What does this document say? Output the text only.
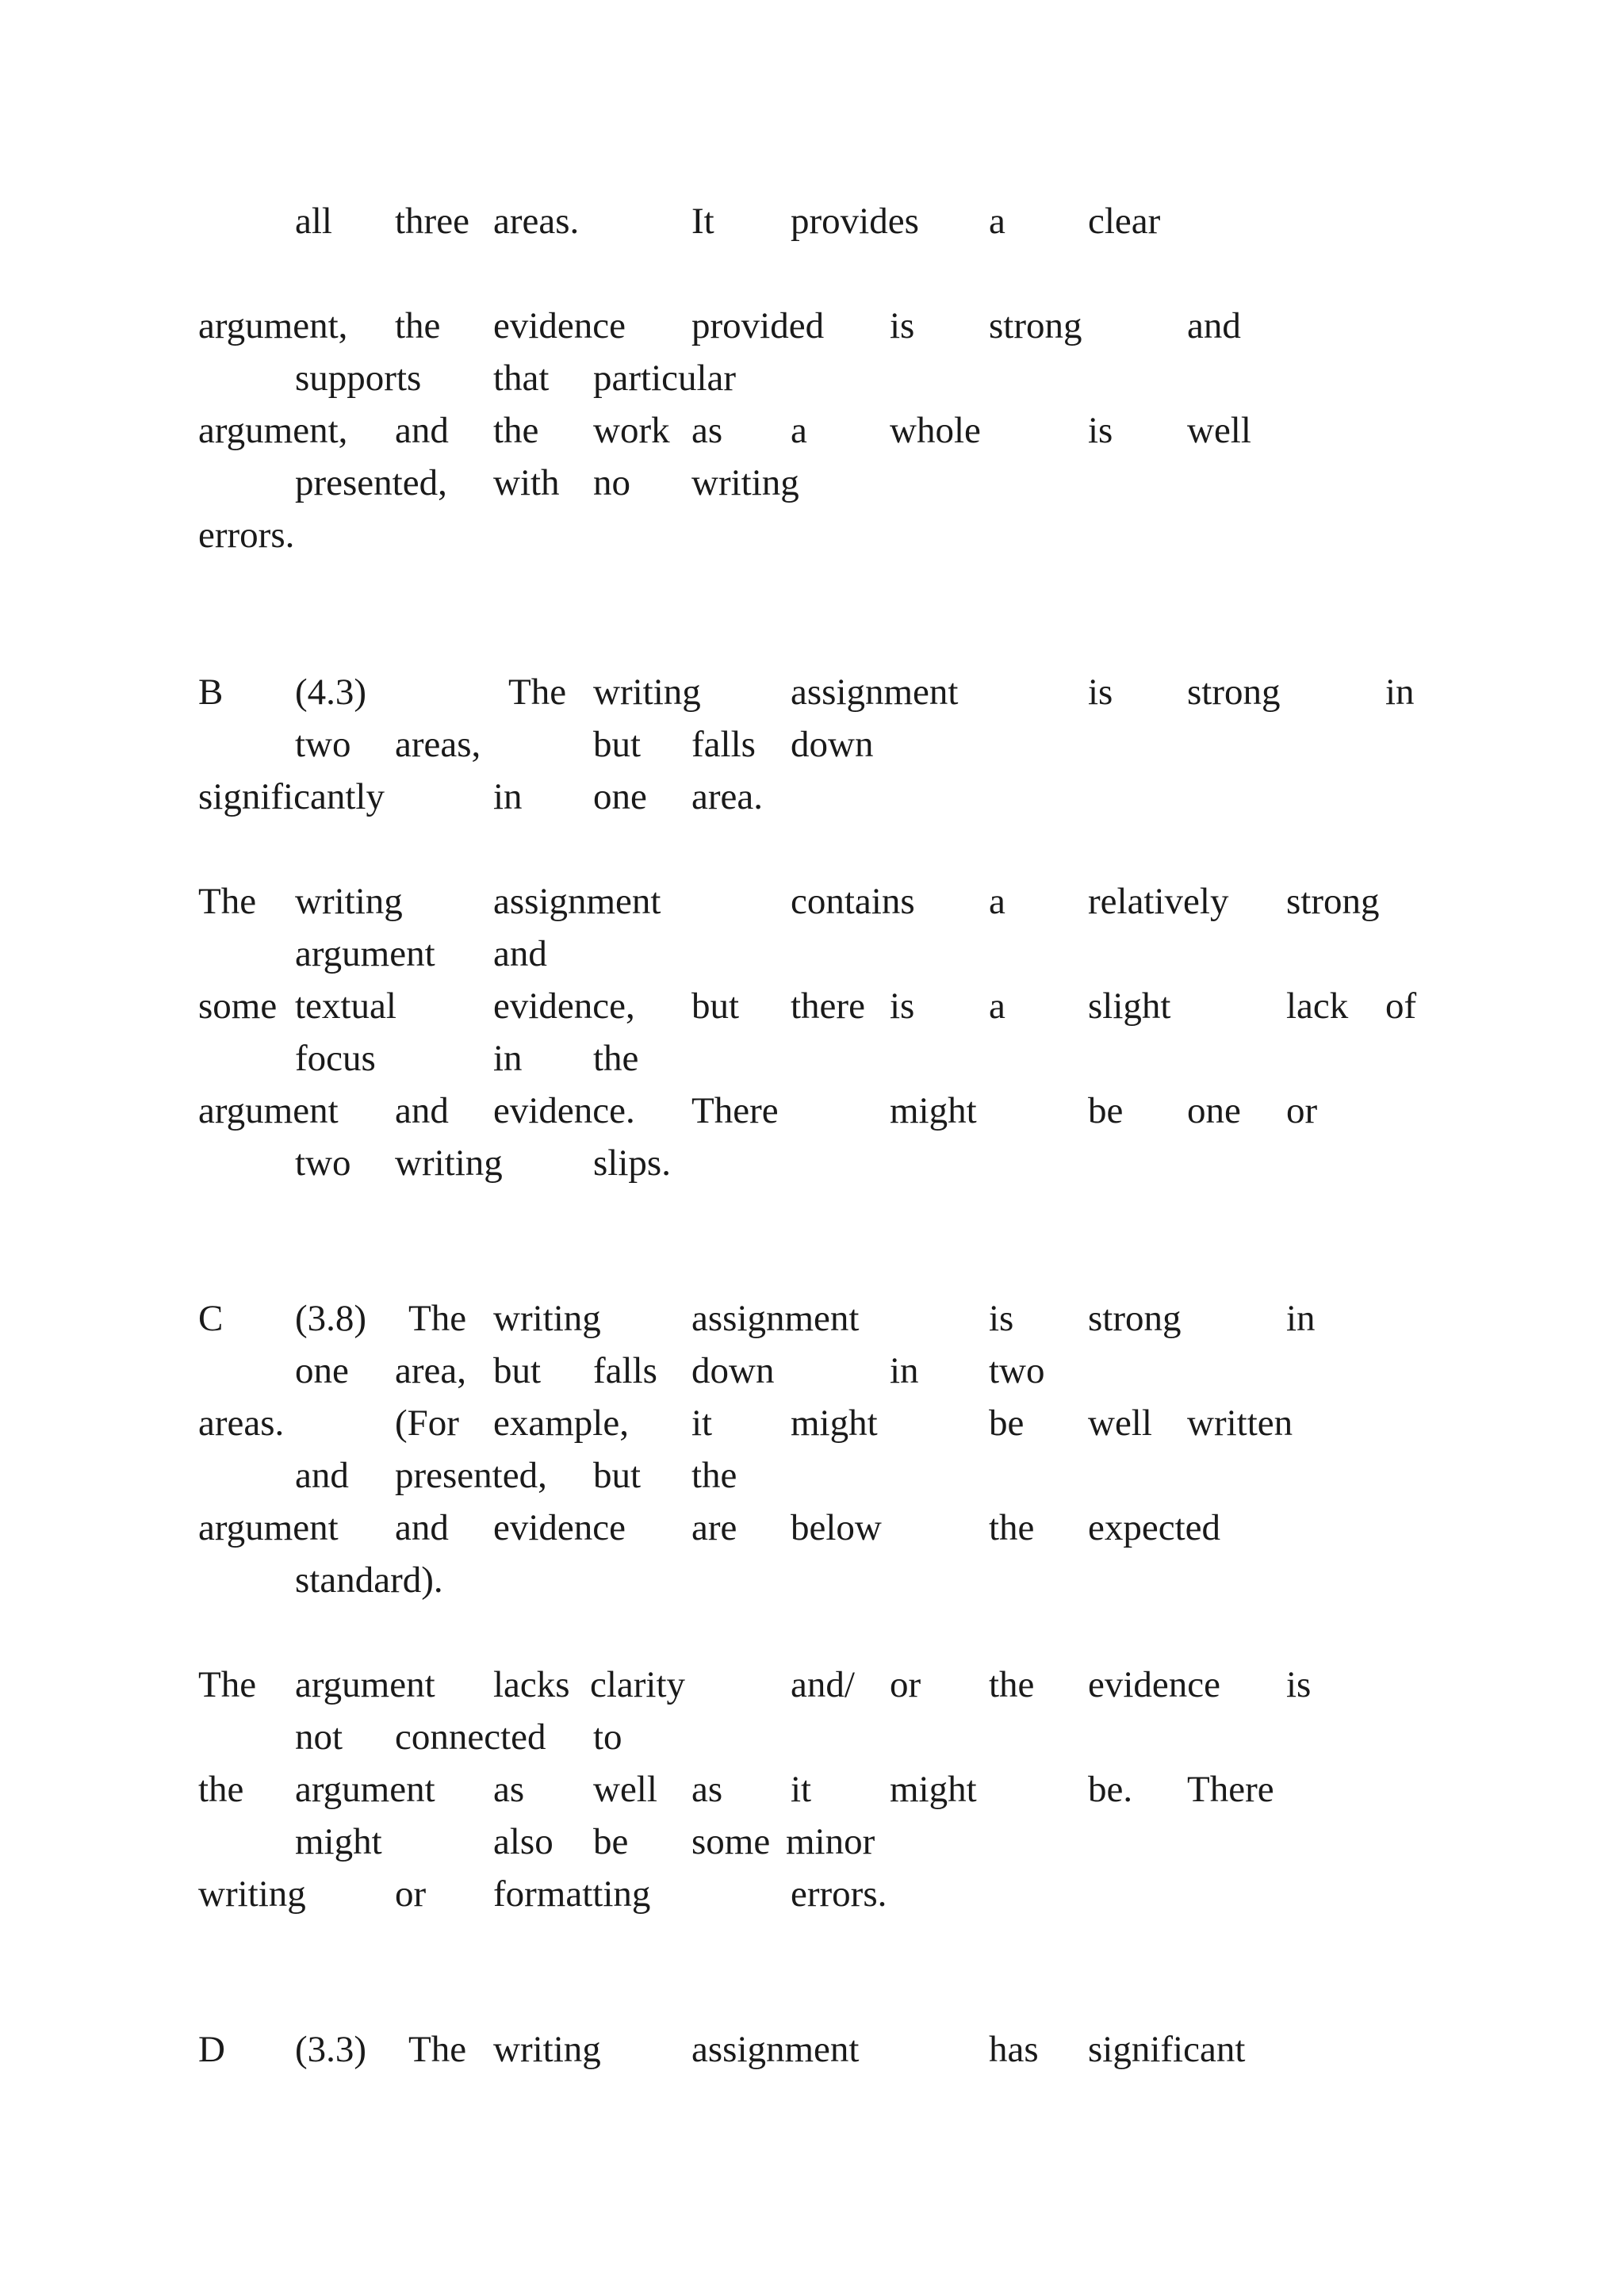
all three areas.	It provides a clear
argument, the evidence provided is strong	and
supports that particular
argument, and the work as a whole	is well
presented, with no writing
errors.
B (4.3)	The writing assignment	is strong	in
two areas,	but falls down
significantly	in one area.
The writing assignment	contains a relatively strong
argument and
some textual	evidence, but there is a slight	lack of
focus	in the
argument and evidence. There	might	be one or
two writing slips.
C (3.8) The writing assignment	is strong	in
one area, but falls down	in two
areas.	(For example, it might	be well written
and presented, but the
argument and evidence are below	the expected
standard).
The argument lacks clarity	and/ or the evidence is
not connected to
the argument as well as it might	be. There
might	also be some minor
writing or formatting	errors.
D (3.3) The writing assignment	has significant
